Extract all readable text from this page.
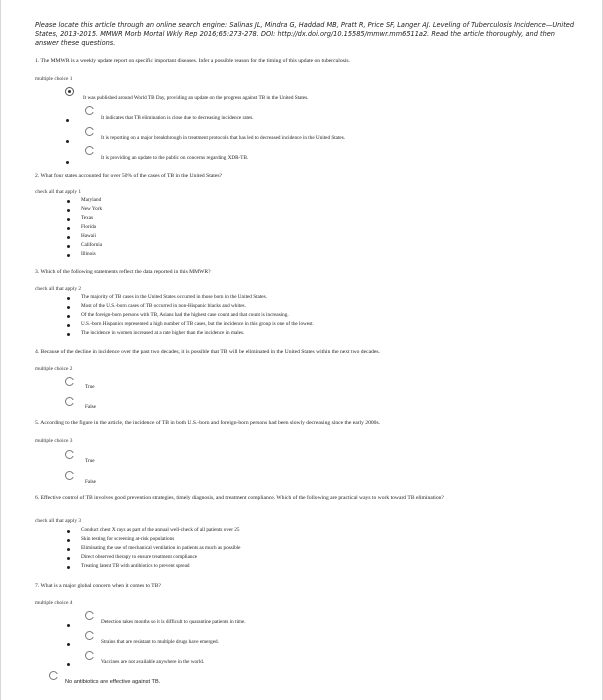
Please locate this article through an online search engine: Salinas JL, Mindra G, Haddad MB, Pratt R, Price SF, Langer AJ. Leveling of Tuberculosis Incidence—United States, 2013-2015. MMWR Morb Mortal Wkly Rep 2016;65:273-278. DOI: http://dx.doi.org/10.15585/mmwr.mm6511a2. Read the article thoroughly, and then answer these questions.
1. The MMWR is a weekly update report on specific important diseases. Infer a possible reason for the timing of this update on tuberculosis.
multiple choice 1
It was published around World TB Day, providing an update on the progress against TB in the United States.
It indicates that TB elimination is close due to decreasing incidence rates.
It is reporting on a major breakthrough in treatment protocols that has led to decreased incidence in the United States.
It is providing an update to the public on concerns regarding XDR-TB.
2. What four states accounted for over 50% of the cases of TB in the United States?
check all that apply 1
Maryland
New York
Texas
Florida
Hawaii
California
Illinois
3. Which of the following statements reflect the data reported in this MMWR?
check all that apply 2
The majority of TB cases in the United States occurred in those born in the United States.
Most of the U.S.-born cases of TB occurred in non-Hispanic blacks and whites.
Of the foreign-born persons with TB, Asians had the highest case count and that count is increasing.
U.S.-born Hispanics represented a high number of TB cases, but the incidence in this group is one of the lowest.
The incidence in women increased at a rate higher than the incidence in males.
4. Because of the decline in incidence over the past two decades, it is possible that TB will be eliminated in the United States within the next two decades.
multiple choice 2
True
False
5. According to the figure in the article, the incidence of TB in both U.S.-born and foreign-born persons had been slowly decreasing since the early 2000s.
multiple choice 3
True
False
6. Effective control of TB involves good prevention strategies, timely diagnosis, and treatment compliance. Which of the following are practical ways to work toward TB elimination?
check all that apply 3
Conduct chest X rays as part of the annual well-check of all patients over 25
Skin testing for screening at-risk populations
Eliminating the use of mechanical ventilation in patients as much as possible
Direct observed therapy to ensure treatment compliance
Treating latent TB with antibiotics to prevent spread
7. What is a major global concern when it comes to TB?
multiple choice 4
Detection takes months so it is difficult to quarantine patients in time.
Strains that are resistant to multiple drugs have emerged.
Vaccines are not available anywhere in the world.
No antibiotics are effective against TB.
